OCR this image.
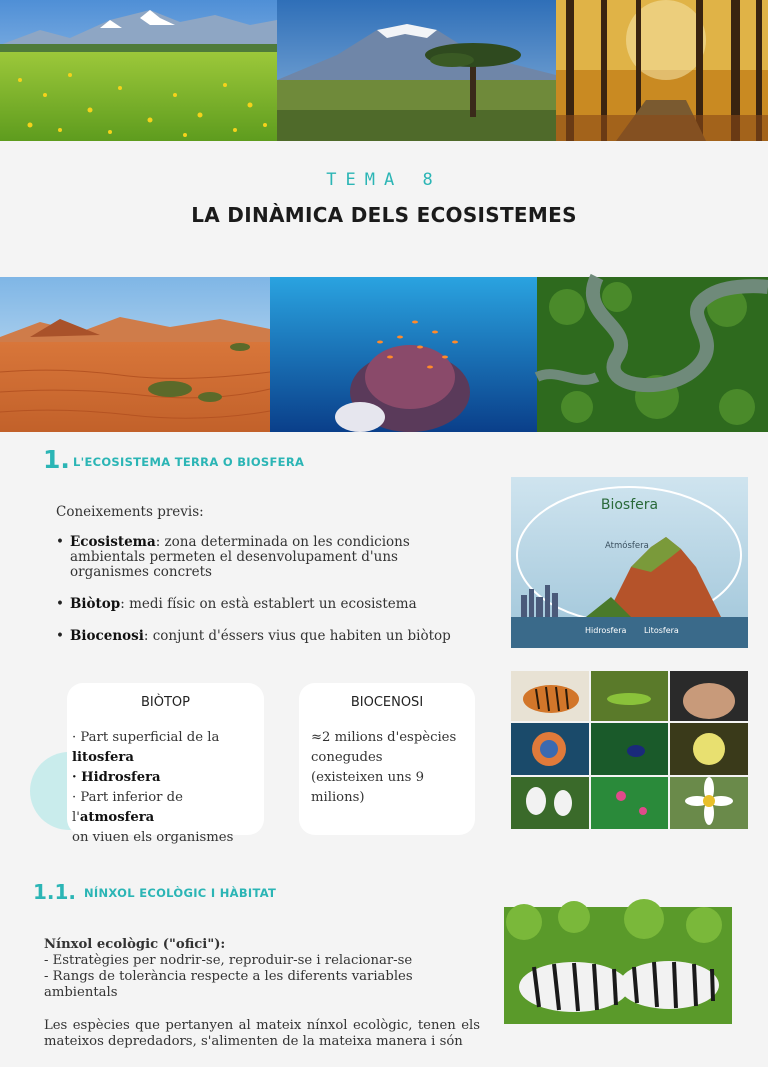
TEMA 8
LA DINÀMICA DELS ECOSISTEMES
1. L'ECOSISTEMA TERRA O BIOSFERA
Coneixements previs:
• Ecosistema: zona determinada on les condicions ambientals permeten el desenvolupament d'uns organismes concrets
• Biòtop: medi físic on està establert un ecosistema
• Biocenosi: conjunt d'éssers vius que habiten un biòtop
Biosfera
Atmósfera
Hidrosfera Litosfera
BIÒTOP
· Part superficial de la litosfera
· Hidrosfera
· Part inferior de l'atmosfera
on viuen els organismes
BIOCENOSI
≈2 milions d'espècies
conegudes
(existeixen uns 9 milions)
1.1. NÍNXOL ECOLÒGIC I HÀBITAT

Nínxol ecològic ("ofici"):
- Estratègies per nodrir-se, reproduir-se i relacionar-se
- Rangs de tolerància respecte a les diferents variables ambientals

Les espècies que pertanyen al mateix nínxol ecològic, tenen els mateixos depredadors, s'alimenten de la mateixa manera i són
